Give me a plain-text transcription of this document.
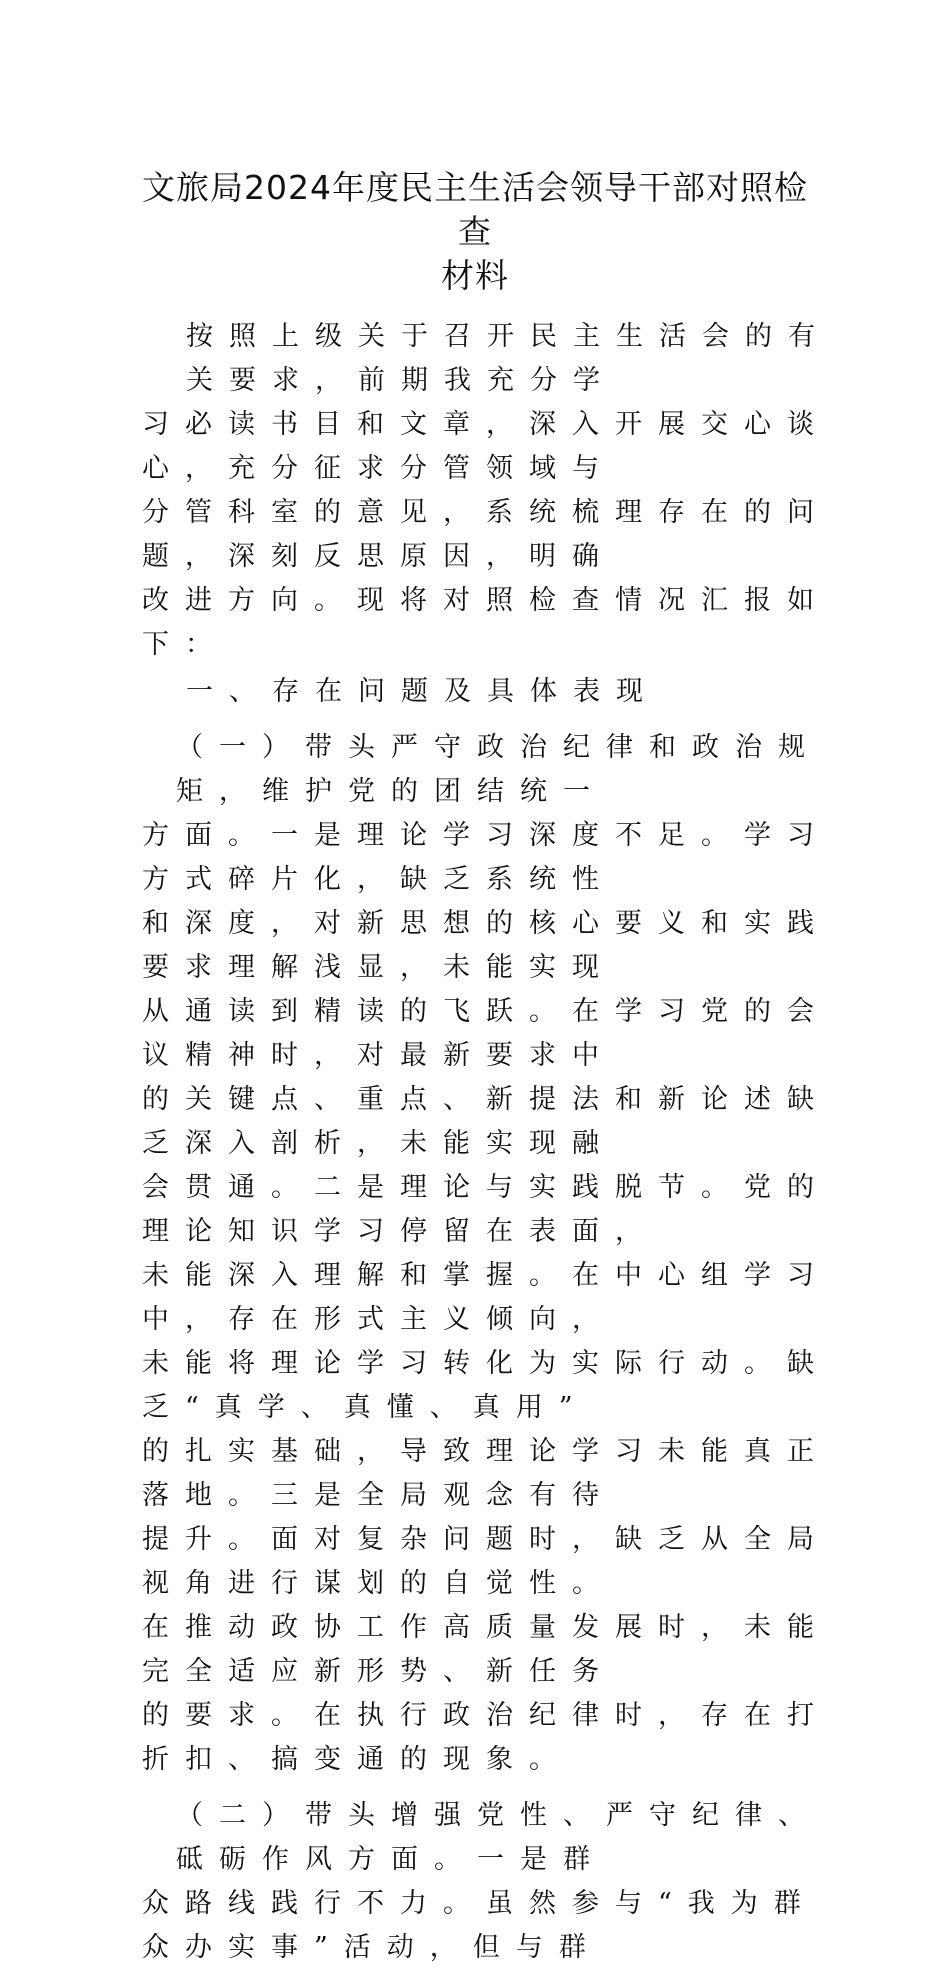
文旅局2024年度民主生活会领导干部对照检查
材料
按照上级关于召开民主生活会的有关要求，前期我充分学
习必读书目和文章，深入开展交心谈心，充分征求分管领域与
分管科室的意见，系统梳理存在的问题，深刻反思原因，明确
改进方向。现将对照检查情况汇报如下：
一、存在问题及具体表现
（一）带头严守政治纪律和政治规矩，维护党的团结统一
方面。一是理论学习深度不足。学习方式碎片化，缺乏系统性
和深度，对新思想的核心要义和实践要求理解浅显，未能实现
从通读到精读的飞跃。在学习党的会议精神时，对最新要求中
的关键点、重点、新提法和新论述缺乏深入剖析，未能实现融
会贯通。二是理论与实践脱节。党的理论知识学习停留在表面，
未能深入理解和掌握。在中心组学习中，存在形式主义倾向，
未能将理论学习转化为实际行动。缺乏“真学、真懂、真用”
的扎实基础，导致理论学习未能真正落地。三是全局观念有待
提升。面对复杂问题时，缺乏从全局视角进行谋划的自觉性。
在推动政协工作高质量发展时，未能完全适应新形势、新任务
的要求。在执行政治纪律时，存在打折扣、搞变通的现象。
（二）带头增强党性、严守纪律、砥砺作风方面。一是群
众路线践行不力。虽然参与“我为群众办实事”活动，但与群
